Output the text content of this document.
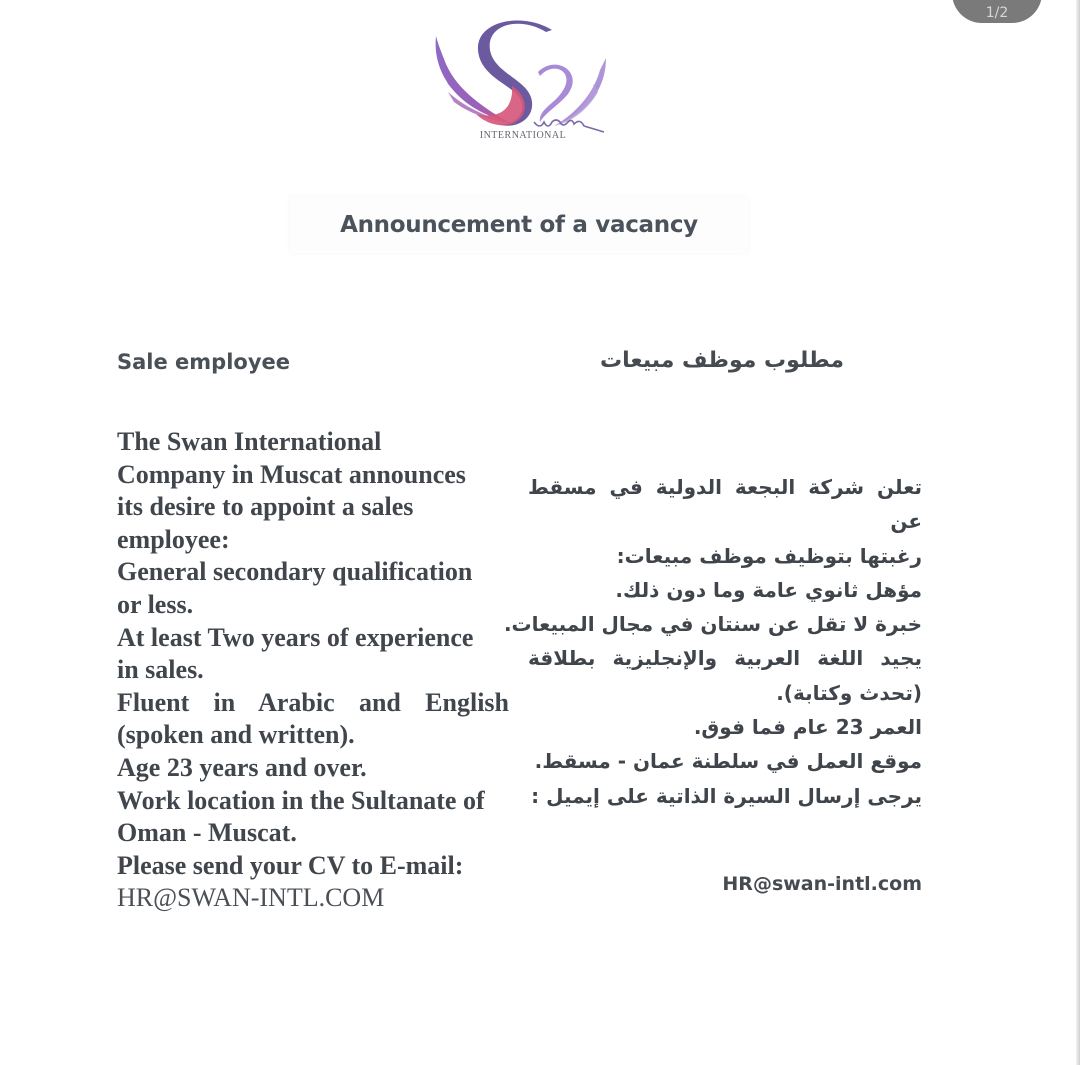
1/2
INTERNATIONAL
Announcement of a vacancy
Sale employee
The Swan International
Company in Muscat announces
its desire to appoint a sales
employee:
General secondary qualification
or less.
At least Two years of experience
in sales.
Fluent in Arabic and English
(spoken and written).
Age 23 years and over.
Work location in the Sultanate of
Oman - Muscat.
Please send your CV to E-mail:
HR@SWAN-INTL.COM
مطلوب موظف مبيعات
تعلن شركة البجعة الدولية في مسقط عن
رغبتها بتوظيف موظف مبيعات:
مؤهل ثانوي عامة وما دون ذلك.
خبرة لا تقل عن سنتان في مجال المبيعات.
يجيد اللغة العربية والإنجليزية بطلاقة
(تحدث وكتابة).
العمر 23 عام فما فوق.
موقع العمل في سلطنة عمان - مسقط.
يرجى إرسال السيرة الذاتية على إيميل :
HR@swan-intl.com
